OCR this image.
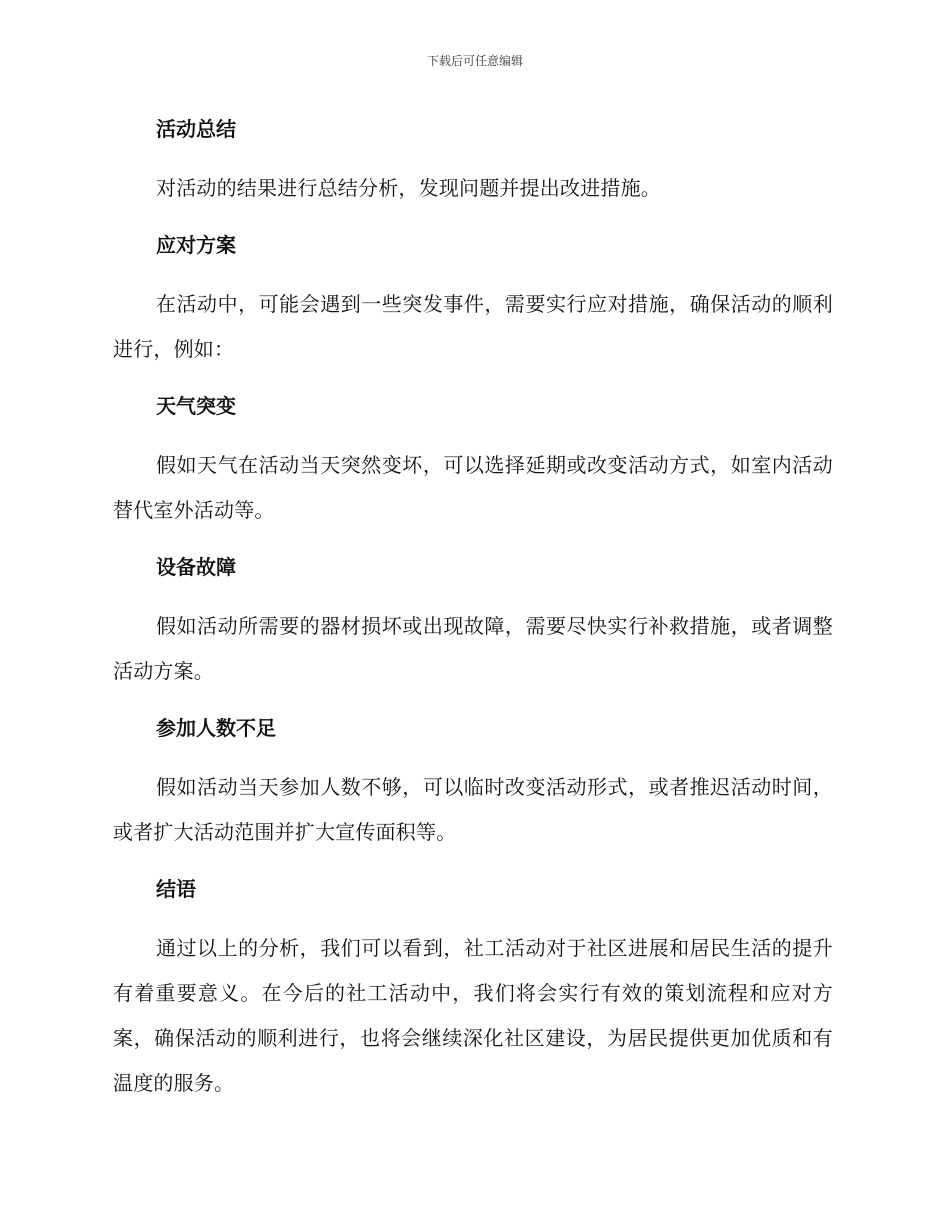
下载后可任意编辑
活动总结

对活动的结果进行总结分析，发现问题并提出改进措施。

应对方案

在活动中，可能会遇到一些突发事件，需要实行应对措施，确保活动的顺利进行，例如：

天气突变

假如天气在活动当天突然变坏，可以选择延期或改变活动方式，如室内活动替代室外活动等。

设备故障

假如活动所需要的器材损坏或出现故障，需要尽快实行补救措施，或者调整活动方案。

参加人数不足

假如活动当天参加人数不够，可以临时改变活动形式，或者推迟活动时间，或者扩大活动范围并扩大宣传面积等。

结语

通过以上的分析，我们可以看到，社工活动对于社区进展和居民生活的提升有着重要意义。在今后的社工活动中，我们将会实行有效的策划流程和应对方案，确保活动的顺利进行，也将会继续深化社区建设，为居民提供更加优质和有温度的服务。
